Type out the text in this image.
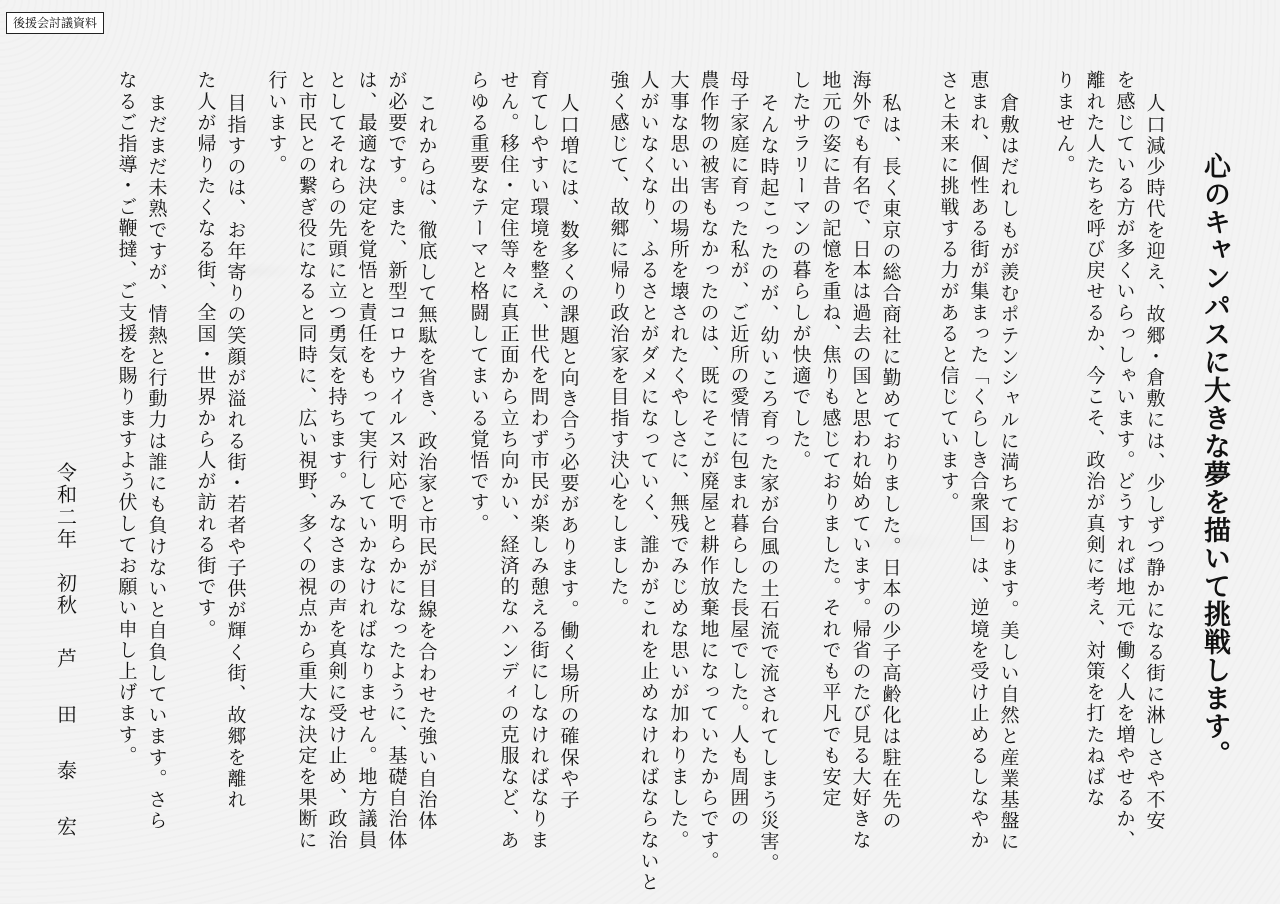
後援会討議資料
心のキャンパスに大きな夢を描いて挑戦します。
人口減少時代を迎え、故郷・倉敷には、少しずつ静かになる街に淋しさや不安
を感じている方が多くいらっしゃいます。どうすれば地元で働く人を増やせるか、
離れた人たちを呼び戻せるか、今こそ、政治が真剣に考え、対策を打たねばな
りません。
倉敷はだれしもが羨むポテンシャルに満ちております。美しい自然と産業基盤に
恵まれ、個性ある街が集まった「くらしき合衆国」は、逆境を受け止めるしなやか
さと未来に挑戦する力があると信じています。
私は、長く東京の総合商社に勤めておりました。日本の少子高齢化は駐在先の
海外でも有名で、日本は過去の国と思われ始めています。帰省のたび見る大好きな
地元の姿に昔の記憶を重ね、焦りも感じておりました。それでも平凡でも安定
したサラリーマンの暮らしが快適でした。
そんな時起こったのが、幼いころ育った家が台風の土石流で流されてしまう災害。
母子家庭に育った私が、ご近所の愛情に包まれ暮らした長屋でした。人も周囲の
農作物の被害もなかったのは、既にそこが廃屋と耕作放棄地になっていたからです。
大事な思い出の場所を壊されたくやしさに、無残でみじめな思いが加わりました。
人がいなくなり、ふるさとがダメになっていく、誰かがこれを止めなければならないと
強く感じて、故郷に帰り政治家を目指す決心をしました。
人口増には、数多くの課題と向き合う必要があります。働く場所の確保や子
育てしやすい環境を整え、世代を問わず市民が楽しみ憩える街にしなければなりま
せん。移住・定住等々に真正面から立ち向かい、経済的なハンディの克服など、あ
らゆる重要なテーマと格闘してまいる覚悟です。
これからは、徹底して無駄を省き、政治家と市民が目線を合わせた強い自治体
が必要です。また、新型コロナウイルス対応で明らかになったように、基礎自治体
は、最適な決定を覚悟と責任をもって実行していかなければなりません。地方議員
としてそれらの先頭に立つ勇気を持ちます。みなさまの声を真剣に受け止め、政治
と市民との繋ぎ役になると同時に、広い視野、多くの視点から重大な決定を果断に
行います。
目指すのは、お年寄りの笑顔が溢れる街・若者や子供が輝く街、故郷を離れ
た人が帰りたくなる街、全国・世界から人が訪れる街です。
まだまだ未熟ですが、情熱と行動力は誰にも負けないと自負しています。さら
なるご指導・ご鞭撻、ご支援を賜りますよう伏してお願い申し上げます。
令和二年　初秋
芦　田　泰　宏
